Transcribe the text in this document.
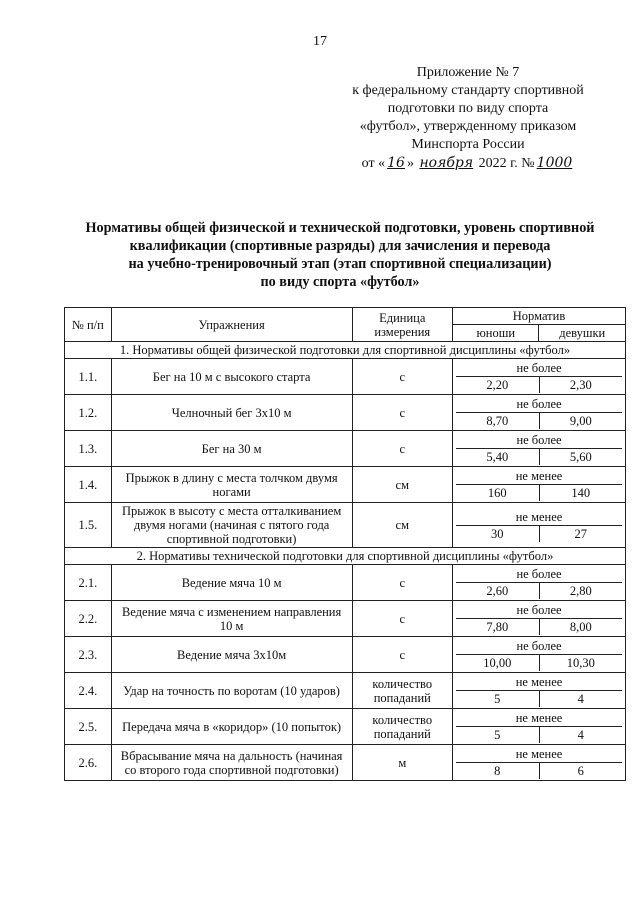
17
Приложение № 7
к федеральному стандарту спортивной
подготовки по виду спорта
«футбол», утвержденному приказом
Минспорта России
от « 16 » ноября 2022 г. № 1000
Нормативы общей физической и технической подготовки, уровень спортивной
квалификации (спортивные разряды) для зачисления и перевода
на учебно-тренировочный этап (этап спортивной специализации)
по виду спорта «футбол»
№ п/п	Упражнения	Единица измерения	Норматив	
			юноши	девушки
1. Нормативы общей физической подготовки для спортивной дисциплины «футбол»				
1.1.	Бег на 10 м с высокого старта	с	не более
2,20 2,30	

1.2.	Челночный бег 3х10 м	с	не более
8,70 9,00	

1.3.	Бег на 30 м	с	не более
5,40 5,60	

1.4.	Прыжок в длину с места толчком двумя ногами	см	не менее
160 140	

1.5.	Прыжок в высоту с места отталкиванием двумя ногами (начиная с пятого года спортивной подготовки)	см	не менее
30 27	

2. Нормативы технической подготовки для спортивной дисциплины «футбол»				
2.1.	Ведение мяча 10 м	с	не более
2,60 2,80	

2.2.	Ведение мяча с изменением направления 10 м	с	не более
7,80 8,00	

2.3.	Ведение мяча 3х10м	с	не более
10,00 10,30	

2.4.	Удар на точность по воротам (10 ударов)	количество попаданий	не менее
5 4	

2.5.	Передача мяча в «коридор» (10 попыток)	количество попаданий	не менее
5 4	

2.6.	Вбрасывание мяча на дальность (начиная со второго года спортивной подготовки)	м	не менее
8 6	
